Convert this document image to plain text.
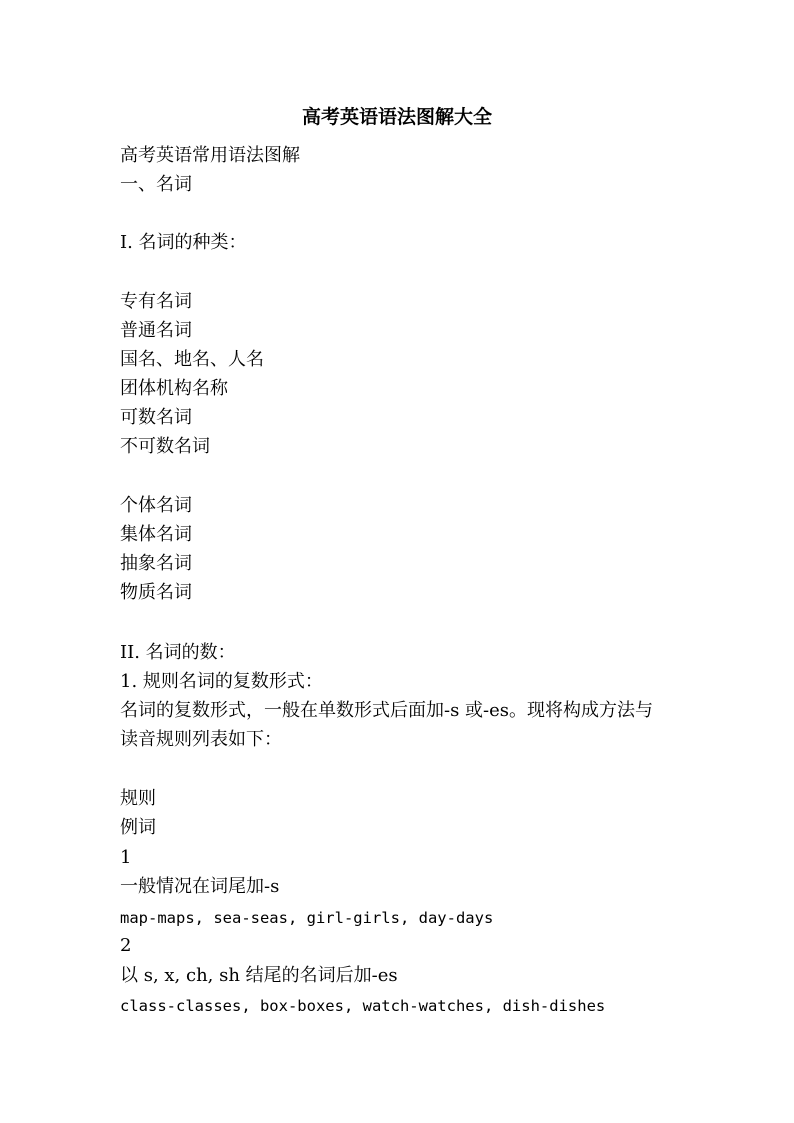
高考英语语法图解大全
高考英语常用语法图解
一、名词
I. 名词的种类：
专有名词
普通名词
国名、地名、人名
团体机构名称
可数名词
不可数名词
个体名词
集体名词
抽象名词
物质名词
II. 名词的数：
1. 规则名词的复数形式：
名词的复数形式，一般在单数形式后面加-s 或-es。现将构成方法与
读音规则列表如下：
规则
例词
1
一般情况在词尾加-s
map-maps, sea-seas, girl-girls, day-days
2
以 s, x, ch, sh 结尾的名词后加-es
class-classes, box-boxes, watch-watches, dish-dishes
